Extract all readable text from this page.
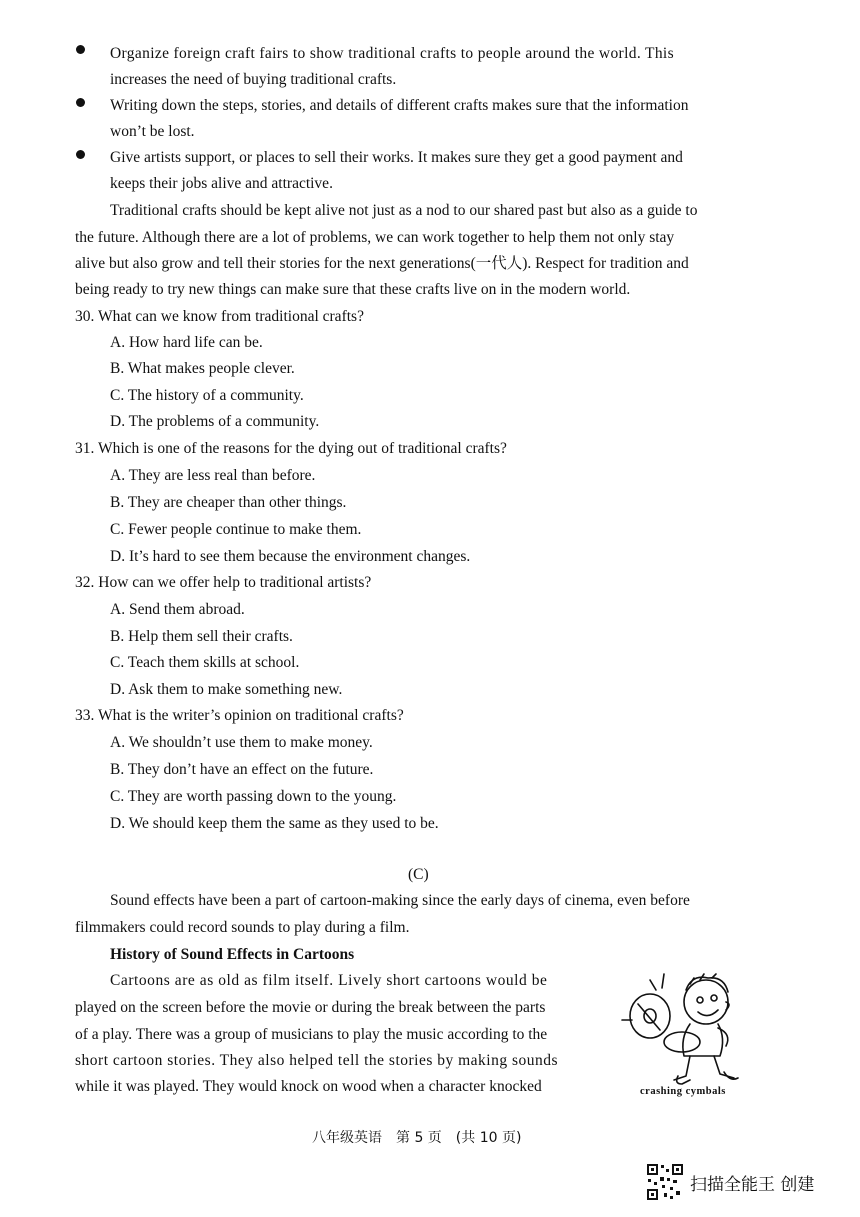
Organize foreign craft fairs to show traditional crafts to people around the world. This
increases the need of buying traditional crafts.
Writing down the steps, stories, and details of different crafts makes sure that the information
won’t be lost.
Give artists support, or places to sell their works. It makes sure they get a good payment and
keeps their jobs alive and attractive.
Traditional crafts should be kept alive not just as a nod to our shared past but also as a guide to
the future. Although there are a lot of problems, we can work together to help them not only stay
alive but also grow and tell their stories for the next generations(一代人). Respect for tradition and
being ready to try new things can make sure that these crafts live on in the modern world.
30. What can we know from traditional crafts?
A. How hard life can be.
B. What makes people clever.
C. The history of a community.
D. The problems of a community.
31. Which is one of the reasons for the dying out of traditional crafts?
A. They are less real than before.
B. They are cheaper than other things.
C. Fewer people continue to make them.
D. It’s hard to see them because the environment changes.
32. How can we offer help to traditional artists?
A. Send them abroad.
B. Help them sell their crafts.
C. Teach them skills at school.
D. Ask them to make something new.
33. What is the writer’s opinion on traditional crafts?
A. We shouldn’t use them to make money.
B. They don’t have an effect on the future.
C. They are worth passing down to the young.
D. We should keep them the same as they used to be.
(C)
Sound effects have been a part of cartoon-making since the early days of cinema, even before
filmmakers could record sounds to play during a film.
History of Sound Effects in Cartoons
Cartoons are as old as film itself. Lively short cartoons would be
played on the screen before the movie or during the break between the parts
of a play. There was a group of musicians to play the music according to the
short cartoon stories. They also helped tell the stories by making sounds
while it was played. They would knock on wood when a character knocked	crashing cymbals
八年级英语　第 5 页　(共 10 页)
扫描全能王 创建
